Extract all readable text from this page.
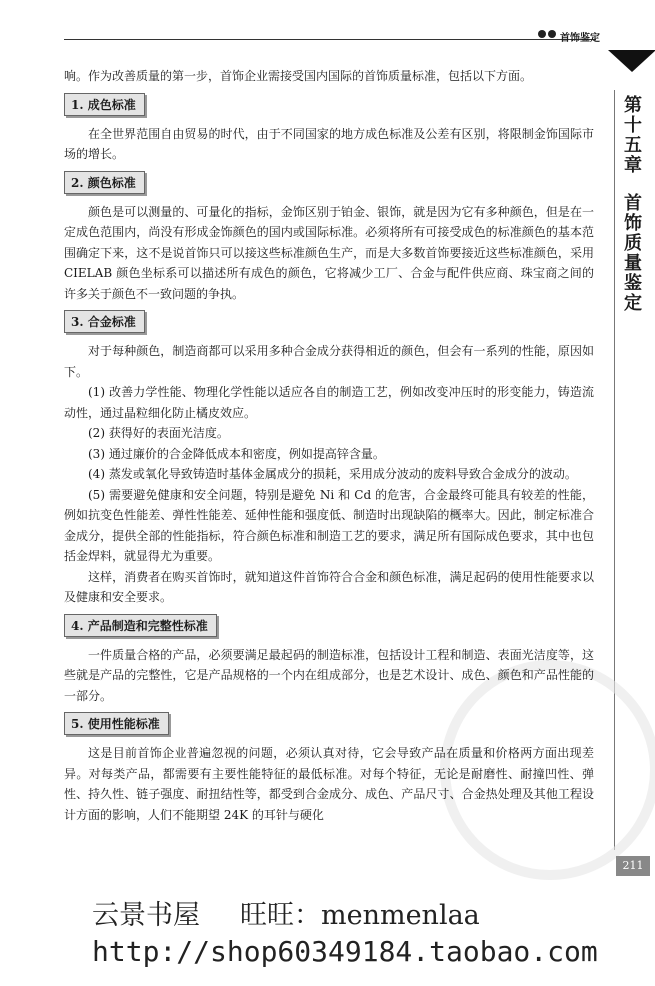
首饰鉴定
第十五章 首饰质量鉴定

响。作为改善质量的第一步，首饰企业需接受国内国际的首饰质量标准，包括以下方面。

1. 成色标准

在全世界范围自由贸易的时代，由于不同国家的地方成色标准及公差有区别，将限制金饰国际市场的增长。

2. 颜色标准

颜色是可以测量的、可量化的指标，金饰区别于铂金、银饰，就是因为它有多种颜色，但是在一定成色范围内，尚没有形成金饰颜色的国内或国际标准。必须将所有可接受成色的标准颜色的基本范围确定下来，这不是说首饰只可以接这些标准颜色生产，而是大多数首饰要接近这些标准颜色，采用 CIELAB 颜色坐标系可以描述所有成色的颜色，它将减少工厂、合金与配件供应商、珠宝商之间的许多关于颜色不一致问题的争执。

3. 合金标准

对于每种颜色，制造商都可以采用多种合金成分获得相近的颜色，但会有一系列的性能，原因如下。

(1) 改善力学性能、物理化学性能以适应各自的制造工艺，例如改变冲压时的形变能力，铸造流动性，通过晶粒细化防止橘皮效应。

(2) 获得好的表面光洁度。

(3) 通过廉价的合金降低成本和密度，例如提高锌含量。

(4) 蒸发或氧化导致铸造时基体金属成分的损耗，采用成分波动的废料导致合金成分的波动。

(5) 需要避免健康和安全问题，特别是避免 Ni 和 Cd 的危害，合金最终可能具有较差的性能，例如抗变色性能差、弹性性能差、延伸性能和强度低、制造时出现缺陷的概率大。因此，制定标准合金成分，提供全部的性能指标，符合颜色标准和制造工艺的要求，满足所有国际成色要求，其中也包括金焊料，就显得尤为重要。

这样，消费者在购买首饰时，就知道这件首饰符合合金和颜色标准，满足起码的使用性能要求以及健康和安全要求。

4. 产品制造和完整性标准

一件质量合格的产品，必须要满足最起码的制造标准，包括设计工程和制造、表面光洁度等，这些就是产品的完整性，它是产品规格的一个内在组成部分，也是艺术设计、成色、颜色和产品性能的一部分。

5. 使用性能标准

这是目前首饰企业普遍忽视的问题，必须认真对待，它会导致产品在质量和价格两方面出现差异。对每类产品，都需要有主要性能特征的最低标准。对每个特征，无论是耐磨性、耐撞凹性、弹性、持久性、链子强度、耐扭结性等，都受到合金成分、成色、产品尺寸、合金热处理及其他工程设计方面的影响，人们不能期望 24K 的耳针与硬化

211
云景书屋 旺旺：menmenlaa
http://shop60349184.taobao.com
